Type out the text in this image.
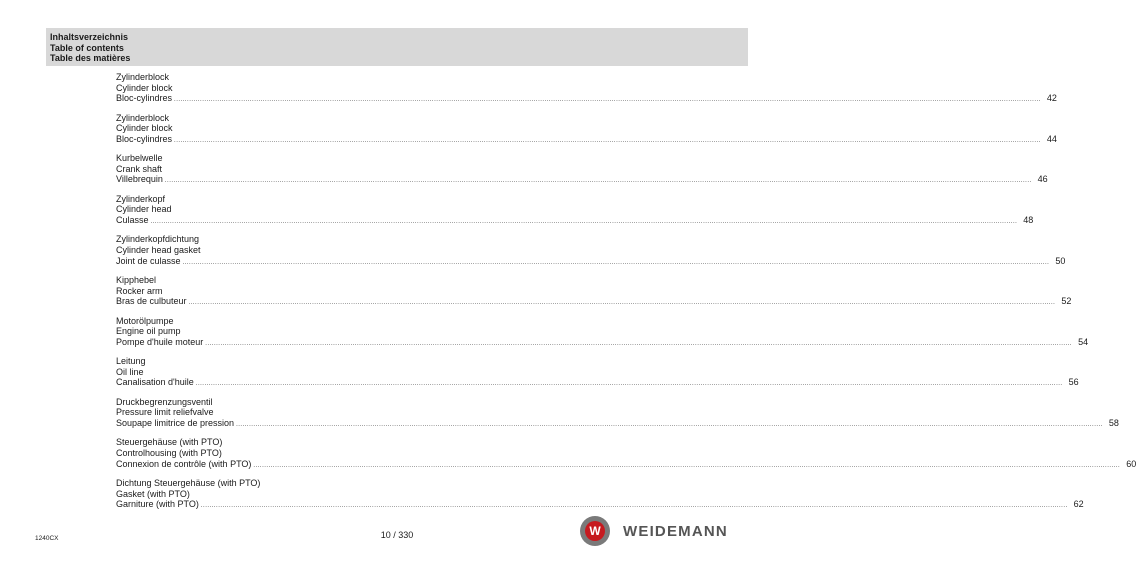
Inhaltsverzeichnis
Table of contents
Table des matières
Zylinderblock
Cylinder block
Bloc-cylindres ................................................................................................................................................................................................................................................................................................................................................................................................................ 42
Zylinderblock
Cylinder block
Bloc-cylindres ................................................................................................................................................................................................................................................................................................................................................................................................................ 44
Kurbelwelle
Crank shaft
Villebrequin ................................................................................................................................................................................................................................................................................................................................................................................................................ 46
Zylinderkopf
Cylinder head
Culasse ................................................................................................................................................................................................................................................................................................................................................................................................................ 48
Zylinderkopfdichtung
Cylinder head gasket
Joint de culasse ................................................................................................................................................................................................................................................................................................................................................................................................................ 50
Kipphebel
Rocker arm
Bras de culbuteur ................................................................................................................................................................................................................................................................................................................................................................................................................ 52
Motorölpumpe
Engine oil pump
Pompe d'huile moteur ................................................................................................................................................................................................................................................................................................................................................................................................................ 54
Leitung
Oil line
Canalisation d'huile ................................................................................................................................................................................................................................................................................................................................................................................................................ 56
Druckbegrenzungsventil
Pressure limit reliefvalve
Soupape limitrice de pression ................................................................................................................................................................................................................................................................................................................................................................................................................ 58
Steuergehäuse (with PTO)
Controlhousing (with PTO)
Connexion de contrôle (with PTO) ................................................................................................................................................................................................................................................................................................................................................................................................................ 60
Dichtung Steuergehäuse (with PTO)
Gasket (with PTO)
Garniture (with PTO) ................................................................................................................................................................................................................................................................................................................................................................................................................ 62
10 / 330
1240CX
W WEIDEMANN
